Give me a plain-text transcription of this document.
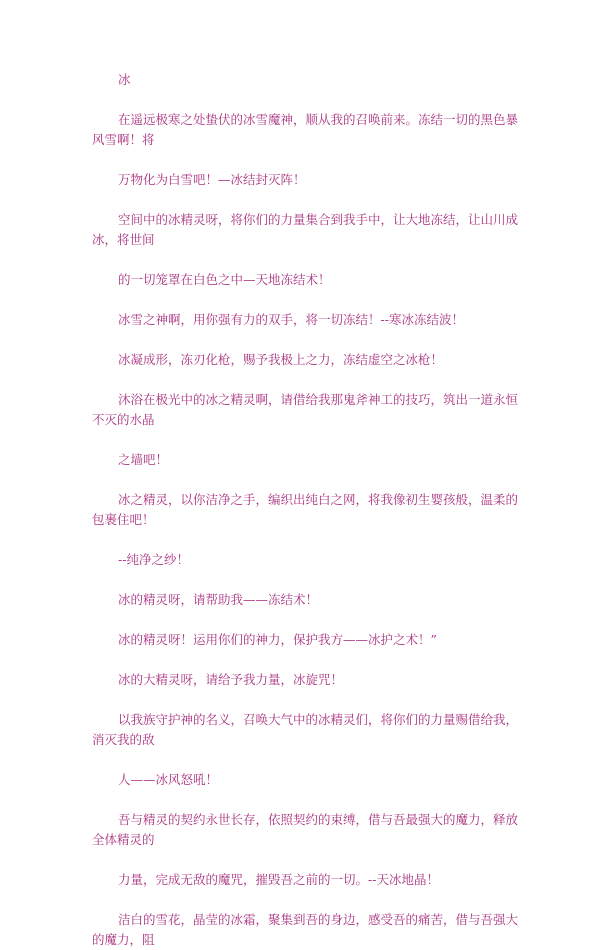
冰

在遥远极寒之处蛰伏的冰雪魔神，顺从我的召唤前来。冻结一切的黑色暴风雪啊！将

万物化为白雪吧！—冰结封灭阵！

空间中的冰精灵呀，将你们的力量集合到我手中，让大地冻结，让山川成冰，将世间

的一切笼罩在白色之中—天地冻结术！

冰雪之神啊，用你强有力的双手，将一切冻结！--寒冰冻结波！

冰凝成形，冻刃化枪，赐予我极上之力，冻结虚空之冰枪！

沐浴在极光中的冰之精灵啊，请借给我那鬼斧神工的技巧，筑出一道永恒不灭的水晶

之墙吧！

冰之精灵，以你洁净之手，编织出纯白之网，将我像初生婴孩般，温柔的包裹住吧！

--纯净之纱！

冰的精灵呀，请帮助我——冻结术！

冰的精灵呀！运用你们的神力，保护我方——冰护之术！”

冰的大精灵呀，请给予我力量，冰旋咒！

以我族守护神的名义，召唤大气中的冰精灵们，将你们的力量赐借给我，消灭我的敌

人——冰风怒吼！

吾与精灵的契约永世长存，依照契约的束缚，借与吾最强大的魔力，释放全体精灵的

力量，完成无敌的魔咒，摧毁吾之前的一切。--天冰地晶！

洁白的雪花，晶莹的冰霜，聚集到吾的身边，感受吾的痛苦，借与吾强大的魔力，阻
